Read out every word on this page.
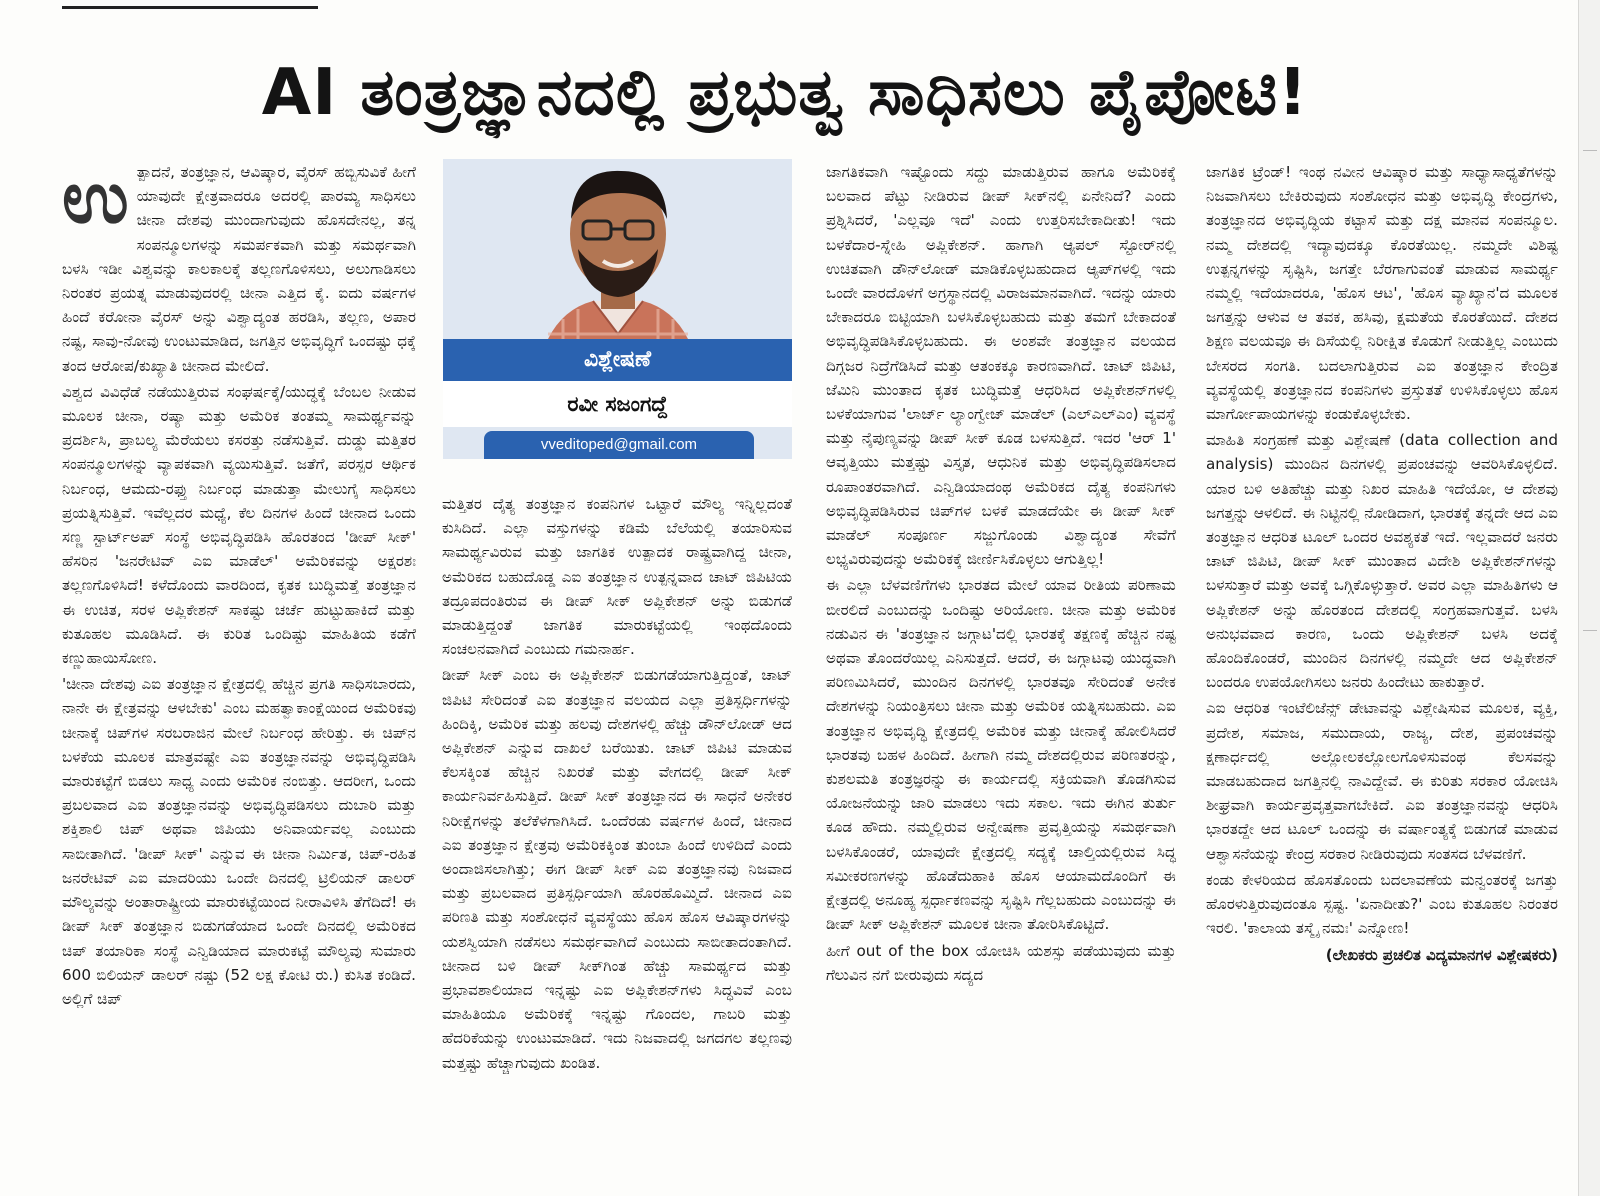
AI ತಂತ್ರಜ್ಞಾನದಲ್ಲಿ ಪ್ರಭುತ್ವ ಸಾಧಿಸಲು ಪೈಪೋಟಿ!

ಉತ್ಪಾದನೆ, ತಂತ್ರಜ್ಞಾನ, ಆವಿಷ್ಕಾರ, ವೈರಸ್ ಹಬ್ಬಿಸುವಿಕೆ ಹೀಗೆ ಯಾವುದೇ ಕ್ಷೇತ್ರವಾದರೂ ಅದರಲ್ಲಿ ಪಾರಮ್ಯ ಸಾಧಿಸಲು ಚೀನಾ ದೇಶವು ಮುಂದಾಗುವುದು ಹೊಸದೇನಲ್ಲ, ತನ್ನ ಸಂಪನ್ಮೂಲಗಳನ್ನು ಸಮರ್ಪಕವಾಗಿ ಮತ್ತು ಸಮರ್ಥವಾಗಿ ಬಳಸಿ ಇಡೀ ವಿಶ್ವವನ್ನು ಕಾಲಕಾಲಕ್ಕೆ ತಲ್ಲಣಗೊಳಿಸಲು, ಅಲುಗಾಡಿಸಲು ನಿರಂತರ ಪ್ರಯತ್ನ ಮಾಡುವುದರಲ್ಲಿ ಚೀನಾ ಎತ್ತಿದ ಕೈ. ಐದು ವರ್ಷಗಳ ಹಿಂದೆ ಕರೋನಾ ವೈರಸ್ ಅನ್ನು ವಿಶ್ವಾದ್ಯಂತ ಹರಡಿಸಿ, ತಲ್ಲಣ, ಅಪಾರ ನಷ್ಟ, ಸಾವು-ನೋವು ಉಂಟುಮಾಡಿದ, ಜಗತ್ತಿನ ಅಭಿವೃದ್ಧಿಗೆ ಒಂದಷ್ಟು ಧಕ್ಕೆ ತಂದ ಆರೋಪ/ಕುಖ್ಯಾತಿ ಚೀನಾದ ಮೇಲಿದೆ.

ವಿಶ್ವದ ವಿವಿಧೆಡೆ ನಡೆಯುತ್ತಿರುವ ಸಂಘರ್ಷಕ್ಕೆ/ಯುದ್ಧಕ್ಕೆ ಬೆಂಬಲ ನೀಡುವ ಮೂಲಕ ಚೀನಾ, ರಷ್ಯಾ ಮತ್ತು ಅಮೆರಿಕ ತಂತಮ್ಮ ಸಾಮರ್ಥ್ಯವನ್ನು ಪ್ರದರ್ಶಿಸಿ, ಪ್ರಾಬಲ್ಯ ಮೆರೆಯಲು ಕಸರತ್ತು ನಡೆಸುತ್ತಿವೆ. ದುಡ್ಡು ಮತ್ತಿತರ ಸಂಪನ್ಮೂಲಗಳನ್ನು ವ್ಯಾಪಕವಾಗಿ ವ್ಯಯಿಸುತ್ತಿವೆ. ಜತೆಗೆ, ಪರಸ್ಪರ ಆರ್ಥಿಕ ನಿರ್ಬಂಧ, ಆಮದು-ರಫ್ತು ನಿರ್ಬಂಧ ಮಾಡುತ್ತಾ ಮೇಲುಗೈ ಸಾಧಿಸಲು ಪ್ರಯತ್ನಿಸುತ್ತಿವೆ. ಇವೆಲ್ಲದರ ಮಧ್ಯೆ, ಕೆಲ ದಿನಗಳ ಹಿಂದೆ ಚೀನಾದ ಒಂದು ಸಣ್ಣ ಸ್ಟಾರ್ಟ್‌ಅಪ್ ಸಂಸ್ಥೆ ಅಭಿವೃದ್ಧಿಪಡಿಸಿ ಹೊರತಂದ 'ಡೀಪ್ ಸೀಕ್' ಹೆಸರಿನ 'ಜನರೇಟಿವ್ ಎಐ ಮಾಡೆಲ್' ಅಮೆರಿಕವನ್ನು ಅಕ್ಷರಶಃ ತಲ್ಲಣಗೊಳಿಸಿದೆ! ಕಳೆದೊಂದು ವಾರದಿಂದ, ಕೃತಕ ಬುದ್ಧಿಮತ್ತೆ ತಂತ್ರಜ್ಞಾನ ಈ ಉಚಿತ, ಸರಳ ಅಪ್ಲಿಕೇಶನ್ ಸಾಕಷ್ಟು ಚರ್ಚೆ ಹುಟ್ಟುಹಾಕಿದೆ ಮತ್ತು ಕುತೂಹಲ ಮೂಡಿಸಿದೆ. ಈ ಕುರಿತ ಒಂದಿಷ್ಟು ಮಾಹಿತಿಯ ಕಡೆಗೆ ಕಣ್ಣುಹಾಯಿಸೋಣ.

'ಚೀನಾ ದೇಶವು ಎಐ ತಂತ್ರಜ್ಞಾನ ಕ್ಷೇತ್ರದಲ್ಲಿ ಹೆಚ್ಚಿನ ಪ್ರಗತಿ ಸಾಧಿಸಬಾರದು, ನಾನೇ ಈ ಕ್ಷೇತ್ರವನ್ನು ಆಳಬೇಕು' ಎಂಬ ಮಹತ್ವಾಕಾಂಕ್ಷೆಯಿಂದ ಅಮೆರಿಕವು ಚೀನಾಕ್ಕೆ ಚಿಪ್‌ಗಳ ಸರಬರಾಜಿನ ಮೇಲೆ ನಿರ್ಬಂಧ ಹೇರಿತ್ತು. ಈ ಚಿಪ್‌ನ ಬಳಕೆಯ ಮೂಲಕ ಮಾತ್ರವಷ್ಟೇ ಎಐ ತಂತ್ರಜ್ಞಾನವನ್ನು ಅಭಿವೃದ್ಧಿಪಡಿಸಿ ಮಾರುಕಟ್ಟೆಗೆ ಬಿಡಲು ಸಾಧ್ಯ ಎಂದು ಅಮೆರಿಕ ನಂಬಿತ್ತು. ಆದರೀಗ, ಒಂದು ಪ್ರಬಲವಾದ ಎಐ ತಂತ್ರಜ್ಞಾನವನ್ನು ಅಭಿವೃದ್ಧಿಪಡಿಸಲು ದುಬಾರಿ ಮತ್ತು ಶಕ್ತಿಶಾಲಿ ಚಿಪ್ ಅಥವಾ ಜಿಪಿಯು ಅನಿವಾರ್ಯವಲ್ಲ ಎಂಬುದು ಸಾಬೀತಾಗಿದೆ. 'ಡೀಪ್ ಸೀಕ್' ಎನ್ನುವ ಈ ಚೀನಾ ನಿರ್ಮಿತ, ಚಿಪ್-ರಹಿತ ಜನರೇಟಿವ್ ಎಐ ಮಾದರಿಯು ಒಂದೇ ದಿನದಲ್ಲಿ ಟ್ರಿಲಿಯನ್ ಡಾಲರ್ ಮೌಲ್ಯವನ್ನು ಅಂತಾರಾಷ್ಟ್ರೀಯ ಮಾರುಕಟ್ಟೆಯಿಂದ ನೀರಾವಿಳಿಸಿ ತೆಗೆದಿದೆ! ಈ ಡೀಪ್ ಸೀಕ್ ತಂತ್ರಜ್ಞಾನ ಬಿಡುಗಡೆಯಾದ ಒಂದೇ ದಿನದಲ್ಲಿ ಅಮೆರಿಕದ ಚಿಪ್ ತಯಾರಿಕಾ ಸಂಸ್ಥೆ ಎನ್ವಿಡಿಯಾದ ಮಾರುಕಟ್ಟೆ ಮೌಲ್ಯವು ಸುಮಾರು 600 ಬಿಲಿಯನ್ ಡಾಲರ್ ನಷ್ಟು (52 ಲಕ್ಷ ಕೋಟಿ ರು.) ಕುಸಿತ ಕಂಡಿದೆ. ಅಲ್ಲಿಗೆ ಚಿಪ್

ವಿಶ್ಲೇಷಣೆ
ರವೀ ಸಜಂಗದ್ದೆ
vveditoped@gmail.com

ಮತ್ತಿತರ ದೈತ್ಯ ತಂತ್ರಜ್ಞಾನ ಕಂಪನಿಗಳ ಒಟ್ಟಾರೆ ಮೌಲ್ಯ ಇನ್ನಿಲ್ಲದಂತೆ ಕುಸಿದಿದೆ. ಎಲ್ಲಾ ವಸ್ತುಗಳನ್ನು ಕಡಿಮೆ ಬೆಲೆಯಲ್ಲಿ ತಯಾರಿಸುವ ಸಾಮರ್ಥ್ಯವಿರುವ ಮತ್ತು ಜಾಗತಿಕ ಉತ್ಪಾದಕ ರಾಷ್ಟ್ರವಾಗಿದ್ದ ಚೀನಾ, ಅಮೆರಿಕದ ಬಹುದೊಡ್ಡ ಎಐ ತಂತ್ರಜ್ಞಾನ ಉತ್ಪನ್ನವಾದ ಚಾಟ್ ಜಿಪಿಟಿಯ ತದ್ರೂಪದಂತಿರುವ ಈ ಡೀಪ್ ಸೀಕ್ ಅಪ್ಲಿಕೇಶನ್ ಅನ್ನು ಬಿಡುಗಡೆ ಮಾಡುತ್ತಿದ್ದಂತೆ ಜಾಗತಿಕ ಮಾರುಕಟ್ಟೆಯಲ್ಲಿ ಇಂಥದೊಂದು ಸಂಚಲನವಾಗಿದೆ ಎಂಬುದು ಗಮನಾರ್ಹ.

ಡೀಪ್ ಸೀಕ್ ಎಂಬ ಈ ಅಪ್ಲಿಕೇಶನ್ ಬಿಡುಗಡೆಯಾಗುತ್ತಿದ್ದಂತೆ, ಚಾಟ್ ಜಿಪಿಟಿ ಸೇರಿದಂತೆ ಎಐ ತಂತ್ರಜ್ಞಾನ ವಲಯದ ಎಲ್ಲಾ ಪ್ರತಿಸ್ಪರ್ಧಿಗಳನ್ನು ಹಿಂದಿಕ್ಕಿ, ಅಮೆರಿಕ ಮತ್ತು ಹಲವು ದೇಶಗಳಲ್ಲಿ ಹೆಚ್ಚು ಡೌನ್‌ಲೋಡ್ ಆದ ಅಪ್ಲಿಕೇಶನ್ ಎನ್ನುವ ದಾಖಲೆ ಬರೆಯಿತು. ಚಾಟ್ ಜಿಪಿಟಿ ಮಾಡುವ ಕೆಲಸಕ್ಕಿಂತ ಹೆಚ್ಚಿನ ನಿಖರತೆ ಮತ್ತು ವೇಗದಲ್ಲಿ ಡೀಪ್ ಸೀಕ್ ಕಾರ್ಯನಿರ್ವಹಿಸುತ್ತಿದೆ. ಡೀಪ್ ಸೀಕ್ ತಂತ್ರಜ್ಞಾನದ ಈ ಸಾಧನೆ ಅನೇಕರ ನಿರೀಕ್ಷೆಗಳನ್ನು ತಲೆಕೆಳಗಾಗಿಸಿದೆ. ಒಂದೆರಡು ವರ್ಷಗಳ ಹಿಂದೆ, ಚೀನಾದ ಎಐ ತಂತ್ರಜ್ಞಾನ ಕ್ಷೇತ್ರವು ಅಮೆರಿಕಕ್ಕಿಂತ ತುಂಬಾ ಹಿಂದೆ ಉಳಿದಿದೆ ಎಂದು ಅಂದಾಜಿಸಲಾಗಿತ್ತು; ಈಗ ಡೀಪ್ ಸೀಕ್ ಎಐ ತಂತ್ರಜ್ಞಾನವು ನಿಜವಾದ ಮತ್ತು ಪ್ರಬಲವಾದ ಪ್ರತಿಸ್ಪರ್ಧಿಯಾಗಿ ಹೊರಹೊಮ್ಮಿದೆ. ಚೀನಾದ ಎಐ ಪರಿಣತಿ ಮತ್ತು ಸಂಶೋಧನೆ ವ್ಯವಸ್ಥೆಯು ಹೊಸ ಹೊಸ ಆವಿಷ್ಕಾರಗಳನ್ನು ಯಶಸ್ವಿಯಾಗಿ ನಡೆಸಲು ಸಮರ್ಥವಾಗಿದೆ ಎಂಬುದು ಸಾಬೀತಾದಂತಾಗಿದೆ. ಚೀನಾದ ಬಳಿ ಡೀಪ್ ಸೀಕ್‌ಗಿಂತ ಹೆಚ್ಚು ಸಾಮರ್ಥ್ಯದ ಮತ್ತು ಪ್ರಭಾವಶಾಲಿಯಾದ ಇನ್ನಷ್ಟು ಎಐ ಅಪ್ಲಿಕೇಶನ್‌ಗಳು ಸಿದ್ಧವಿವೆ ಎಂಬ ಮಾಹಿತಿಯೂ ಅಮೆರಿಕಕ್ಕೆ ಇನ್ನಷ್ಟು ಗೊಂದಲ, ಗಾಬರಿ ಮತ್ತು ಹೆದರಿಕೆಯನ್ನು ಉಂಟುಮಾಡಿದೆ. ಇದು ನಿಜವಾದಲ್ಲಿ ಜಗದಗಲ ತಲ್ಲಣವು ಮತ್ತಷ್ಟು ಹೆಚ್ಚಾಗುವುದು ಖಂಡಿತ.

ಜಾಗತಿಕವಾಗಿ ಇಷ್ಟೊಂದು ಸದ್ದು ಮಾಡುತ್ತಿರುವ ಹಾಗೂ ಅಮೆರಿಕಕ್ಕೆ ಬಲವಾದ ಪೆಟ್ಟು ನೀಡಿರುವ ಡೀಪ್ ಸೀಕ್‌ನಲ್ಲಿ ಏನೇನಿದೆ? ಎಂದು ಪ್ರಶ್ನಿಸಿದರೆ, 'ಎಲ್ಲವೂ ಇದೆ' ಎಂದು ಉತ್ತರಿಸಬೇಕಾದೀತು! ಇದು ಬಳಕೆದಾರ-ಸ್ನೇಹಿ ಅಪ್ಲಿಕೇಶನ್. ಹಾಗಾಗಿ ಆ್ಯಪಲ್ ಸ್ಟೋರ್‌ನಲ್ಲಿ ಉಚಿತವಾಗಿ ಡೌನ್‌ಲೋಡ್ ಮಾಡಿಕೊಳ್ಳಬಹುದಾದ ಆ್ಯಪ್‌ಗಳಲ್ಲಿ ಇದು ಒಂದೇ ವಾರದೊಳಗೆ ಅಗ್ರಸ್ಥಾನದಲ್ಲಿ ವಿರಾಜಮಾನವಾಗಿದೆ. ಇದನ್ನು ಯಾರು ಬೇಕಾದರೂ ಬಿಟ್ಟಿಯಾಗಿ ಬಳಸಿಕೊಳ್ಳಬಹುದು ಮತ್ತು ತಮಗೆ ಬೇಕಾದಂತೆ ಅಭಿವೃದ್ಧಿಪಡಿಸಿಕೊಳ್ಳಬಹುದು. ಈ ಅಂಶವೇ ತಂತ್ರಜ್ಞಾನ ವಲಯದ ದಿಗ್ಗಜರ ನಿದ್ರೆಗೆಡಿಸಿದೆ ಮತ್ತು ಆತಂಕಕ್ಕೂ ಕಾರಣವಾಗಿದೆ. ಚಾಟ್ ಜಿಪಿಟಿ, ಜೆಮಿನಿ ಮುಂತಾದ ಕೃತಕ ಬುದ್ಧಿಮತ್ತೆ ಆಧರಿಸಿದ ಅಪ್ಲಿಕೇಶನ್‌ಗಳಲ್ಲಿ ಬಳಕೆಯಾಗುವ 'ಲಾರ್ಜ್ ಲ್ಯಾಂಗ್ವೇಜ್ ಮಾಡೆಲ್ (ಎಲ್‌ಎಲ್‌ಎಂ) ವ್ಯವಸ್ಥೆ ಮತ್ತು ನೈಪುಣ್ಯವನ್ನು ಡೀಪ್ ಸೀಕ್ ಕೂಡ ಬಳಸುತ್ತಿದೆ. ಇದರ 'ಆರ್ 1' ಆವೃತ್ತಿಯು ಮತ್ತಷ್ಟು ವಿಸ್ತೃತ, ಆಧುನಿಕ ಮತ್ತು ಅಭಿವೃದ್ಧಿಪಡಿಸಲಾದ ರೂಪಾಂತರವಾಗಿದೆ. ಎನ್ವಿಡಿಯಾದಂಥ ಅಮೆರಿಕದ ದೈತ್ಯ ಕಂಪನಿಗಳು ಅಭಿವೃದ್ಧಿಪಡಿಸಿರುವ ಚಿಪ್‌ಗಳ ಬಳಕೆ ಮಾಡದೆಯೇ ಈ ಡೀಪ್ ಸೀಕ್ ಮಾಡೆಲ್ ಸಂಪೂರ್ಣ ಸಜ್ಜುಗೊಂಡು ವಿಶ್ವಾದ್ಯಂತ ಸೇವೆಗೆ ಲಭ್ಯವಿರುವುದನ್ನು ಅಮೆರಿಕಕ್ಕೆ ಜೀರ್ಣಿಸಿಕೊಳ್ಳಲು ಆಗುತ್ತಿಲ್ಲ!

ಈ ಎಲ್ಲಾ ಬೆಳವಣಿಗೆಗಳು ಭಾರತದ ಮೇಲೆ ಯಾವ ರೀತಿಯ ಪರಿಣಾಮ ಬೀರಲಿದೆ ಎಂಬುದನ್ನು ಒಂದಿಷ್ಟು ಅರಿಯೋಣ. ಚೀನಾ ಮತ್ತು ಅಮೆರಿಕ ನಡುವಿನ ಈ 'ತಂತ್ರಜ್ಞಾನ ಜಗ್ಗಾಟ'ದಲ್ಲಿ ಭಾರತಕ್ಕೆ ತಕ್ಷಣಕ್ಕೆ ಹೆಚ್ಚಿನ ನಷ್ಟ ಅಥವಾ ತೊಂದರೆಯಿಲ್ಲ ಎನಿಸುತ್ತದೆ. ಆದರೆ, ಈ ಜಗ್ಗಾಟವು ಯುದ್ಧವಾಗಿ ಪರಿಣಮಿಸಿದರೆ, ಮುಂದಿನ ದಿನಗಳಲ್ಲಿ ಭಾರತವೂ ಸೇರಿದಂತೆ ಅನೇಕ ದೇಶಗಳನ್ನು ನಿಯಂತ್ರಿಸಲು ಚೀನಾ ಮತ್ತು ಅಮೆರಿಕ ಯತ್ನಿಸಬಹುದು. ಎಐ ತಂತ್ರಜ್ಞಾನ ಅಭಿವೃದ್ಧಿ ಕ್ಷೇತ್ರದಲ್ಲಿ ಅಮೆರಿಕ ಮತ್ತು ಚೀನಾಕ್ಕೆ ಹೋಲಿಸಿದರೆ ಭಾರತವು ಬಹಳ ಹಿಂದಿದೆ. ಹೀಗಾಗಿ ನಮ್ಮ ದೇಶದಲ್ಲಿರುವ ಪರಿಣತರನ್ನು, ಕುಶಲಮತಿ ತಂತ್ರಜ್ಞರನ್ನು ಈ ಕಾರ್ಯದಲ್ಲಿ ಸಕ್ರಿಯವಾಗಿ ತೊಡಗಿಸುವ ಯೋಜನೆಯನ್ನು ಜಾರಿ ಮಾಡಲು ಇದು ಸಕಾಲ. ಇದು ಈಗಿನ ತುರ್ತು ಕೂಡ ಹೌದು. ನಮ್ಮಲ್ಲಿರುವ ಅನ್ವೇಷಣಾ ಪ್ರವೃತ್ತಿಯನ್ನು ಸಮರ್ಥವಾಗಿ ಬಳಸಿಕೊಂಡರೆ, ಯಾವುದೇ ಕ್ಷೇತ್ರದಲ್ಲಿ ಸದ್ಯಕ್ಕೆ ಚಾಲ್ತಿಯಲ್ಲಿರುವ ಸಿದ್ಧ ಸಮೀಕರಣಗಳನ್ನು ಹೊಡೆದುಹಾಕಿ ಹೊಸ ಆಯಾಮದೊಂದಿಗೆ ಈ ಕ್ಷೇತ್ರದಲ್ಲಿ ಅನೂಹ್ಯ ಸ್ಪರ್ಧಾಕಣವನ್ನು ಸೃಷ್ಟಿಸಿ ಗೆಲ್ಲಬಹುದು ಎಂಬುದನ್ನು ಈ ಡೀಪ್ ಸೀಕ್ ಅಪ್ಲಿಕೇಶನ್ ಮೂಲಕ ಚೀನಾ ತೋರಿಸಿಕೊಟ್ಟಿದೆ.

ಹೀಗೆ out of the box ಯೋಚಿಸಿ ಯಶಸ್ಸು ಪಡೆಯುವುದು ಮತ್ತು ಗೆಲುವಿನ ನಗೆ ಬೀರುವುದು ಸದ್ಯದ

ಜಾಗತಿಕ ಟ್ರೆಂಡ್! ಇಂಥ ನವೀನ ಆವಿಷ್ಕಾರ ಮತ್ತು ಸಾಧ್ಯಾಸಾಧ್ಯತೆಗಳನ್ನು ನಿಜವಾಗಿಸಲು ಬೇಕಿರುವುದು ಸಂಶೋಧನ ಮತ್ತು ಅಭಿವೃದ್ಧಿ ಕೇಂದ್ರಗಳು, ತಂತ್ರಜ್ಞಾನದ ಅಭಿವೃದ್ಧಿಯ ಕಟ್ಟಾಸೆ ಮತ್ತು ದಕ್ಷ ಮಾನವ ಸಂಪನ್ಮೂಲ. ನಮ್ಮ ದೇಶದಲ್ಲಿ ಇದ್ಯಾವುದಕ್ಕೂ ಕೊರತೆಯಿಲ್ಲ. ನಮ್ಮದೇ ವಿಶಿಷ್ಟ ಉತ್ಪನ್ನಗಳನ್ನು ಸೃಷ್ಟಿಸಿ, ಜಗತ್ತೇ ಬೆರಗಾಗುವಂತೆ ಮಾಡುವ ಸಾಮರ್ಥ್ಯ ನಮ್ಮಲ್ಲಿ ಇದೆಯಾದರೂ, 'ಹೊಸ ಆಟ', 'ಹೊಸ ವ್ಯಾಖ್ಯಾನ'ದ ಮೂಲಕ ಜಗತ್ತನ್ನು ಆಳುವ ಆ ತವಕ, ಹಸಿವು, ಕ್ಷಮತೆಯ ಕೊರತೆಯಿದೆ. ದೇಶದ ಶಿಕ್ಷಣ ವಲಯವೂ ಈ ದಿಸೆಯಲ್ಲಿ ನಿರೀಕ್ಷಿತ ಕೊಡುಗೆ ನೀಡುತ್ತಿಲ್ಲ ಎಂಬುದು ಬೇಸರದ ಸಂಗತಿ. ಬದಲಾಗುತ್ತಿರುವ ಎಐ ತಂತ್ರಜ್ಞಾನ ಕೇಂದ್ರಿತ ವ್ಯವಸ್ಥೆಯಲ್ಲಿ ತಂತ್ರಜ್ಞಾನದ ಕಂಪನಿಗಳು ಪ್ರಸ್ತುತತೆ ಉಳಿಸಿಕೊಳ್ಳಲು ಹೊಸ ಮಾರ್ಗೋಪಾಯಗಳನ್ನು ಕಂಡುಕೊಳ್ಳಬೇಕು.

ಮಾಹಿತಿ ಸಂಗ್ರಹಣೆ ಮತ್ತು ವಿಶ್ಲೇಷಣೆ (data collection and analysis) ಮುಂದಿನ ದಿನಗಳಲ್ಲಿ ಪ್ರಪಂಚವನ್ನು ಆವರಿಸಿಕೊಳ್ಳಲಿದೆ. ಯಾರ ಬಳಿ ಅತಿಹೆಚ್ಚು ಮತ್ತು ನಿಖರ ಮಾಹಿತಿ ಇದೆಯೋ, ಆ ದೇಶವು ಜಗತ್ತನ್ನು ಆಳಲಿದೆ. ಈ ನಿಟ್ಟಿನಲ್ಲಿ ನೋಡಿದಾಗ, ಭಾರತಕ್ಕೆ ತನ್ನದೇ ಆದ ಎಐ ತಂತ್ರಜ್ಞಾನ ಆಧರಿತ ಟೂಲ್ ಒಂದರ ಅವಶ್ಯಕತೆ ಇದೆ. ಇಲ್ಲವಾದರೆ ಜನರು ಚಾಟ್ ಜಿಪಿಟಿ, ಡೀಪ್ ಸೀಕ್ ಮುಂತಾದ ವಿದೇಶಿ ಅಪ್ಲಿಕೇಶನ್‌ಗಳನ್ನು ಬಳಸುತ್ತಾರೆ ಮತ್ತು ಅವಕ್ಕೆ ಒಗ್ಗಿಕೊಳ್ಳುತ್ತಾರೆ. ಅವರ ಎಲ್ಲಾ ಮಾಹಿತಿಗಳು ಆ ಅಪ್ಲಿಕೇಶನ್ ಅನ್ನು ಹೊರತಂದ ದೇಶದಲ್ಲಿ ಸಂಗ್ರಹವಾಗುತ್ತವೆ. ಬಳಸಿ ಅನುಭವವಾದ ಕಾರಣ, ಒಂದು ಅಪ್ಲಿಕೇಶನ್ ಬಳಸಿ ಅದಕ್ಕೆ ಹೊಂದಿಕೊಂಡರೆ, ಮುಂದಿನ ದಿನಗಳಲ್ಲಿ ನಮ್ಮದೇ ಆದ ಅಪ್ಲಿಕೇಶನ್ ಬಂದರೂ ಉಪಯೋಗಿಸಲು ಜನರು ಹಿಂದೇಟು ಹಾಕುತ್ತಾರೆ.

ಎಐ ಆಧರಿತ ಇಂಟೆಲಿಜೆನ್ಸ್ ಡೇಟಾವನ್ನು ವಿಶ್ಲೇಷಿಸುವ ಮೂಲಕ, ವ್ಯಕ್ತಿ, ಪ್ರದೇಶ, ಸಮಾಜ, ಸಮುದಾಯ, ರಾಜ್ಯ, ದೇಶ, ಪ್ರಪಂಚವನ್ನು ಕ್ಷಣಾರ್ಧದಲ್ಲಿ ಅಲ್ಲೋಲಕಲ್ಲೋಲಗೊಳಿಸುವಂಥ ಕೆಲಸವನ್ನು ಮಾಡಬಹುದಾದ ಜಗತ್ತಿನಲ್ಲಿ ನಾವಿದ್ದೇವೆ. ಈ ಕುರಿತು ಸರಕಾರ ಯೋಚಿಸಿ ಶೀಘ್ರವಾಗಿ ಕಾರ್ಯಪ್ರವೃತ್ತವಾಗಬೇಕಿದೆ. ಎಐ ತಂತ್ರಜ್ಞಾನವನ್ನು ಆಧರಿಸಿ ಭಾರತದ್ದೇ ಆದ ಟೂಲ್ ಒಂದನ್ನು ಈ ವರ್ಷಾಂತ್ಯಕ್ಕೆ ಬಿಡುಗಡೆ ಮಾಡುವ ಆಶ್ವಾಸನೆಯನ್ನು ಕೇಂದ್ರ ಸರಕಾರ ನೀಡಿರುವುದು ಸಂತಸದ ಬೆಳವಣಿಗೆ.

ಕಂಡು ಕೇಳರಿಯದ ಹೊಸತೊಂದು ಬದಲಾವಣೆಯ ಮನ್ವಂತರಕ್ಕೆ ಜಗತ್ತು ಹೊರಳುತ್ತಿರುವುದಂತೂ ಸ್ಪಷ್ಟ. 'ಏನಾದೀತು?' ಎಂಬ ಕುತೂಹಲ ನಿರಂತರ ಇರಲಿ. 'ಕಾಲಾಯ ತಸ್ಮೈ ನಮಃ' ಎನ್ನೋಣ!

(ಲೇಖಕರು ಪ್ರಚಲಿತ ವಿದ್ಯಮಾನಗಳ ವಿಶ್ಲೇಷಕರು)
